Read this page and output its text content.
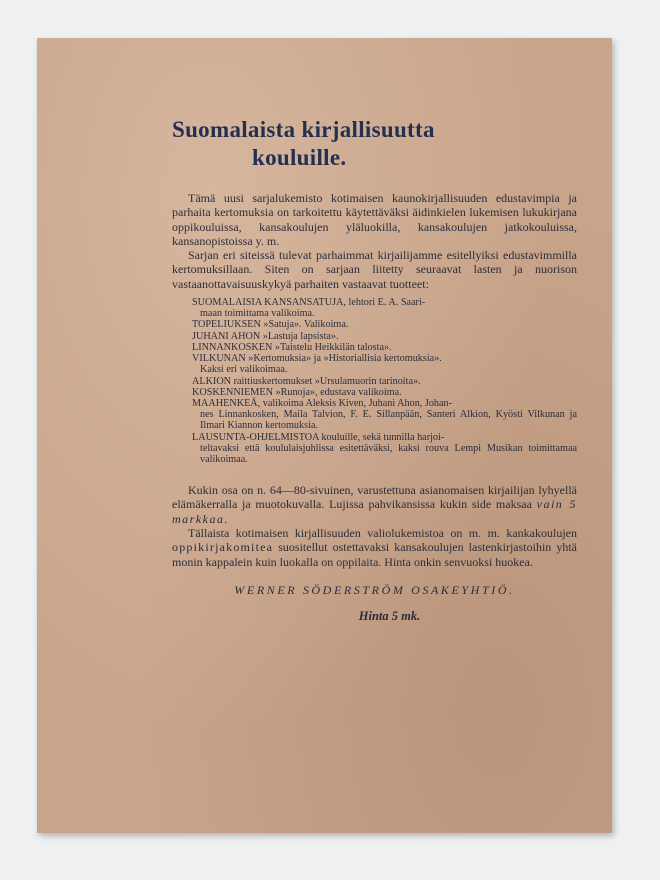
Suomalaista kirjallisuutta
kouluille.

Tämä uusi sarjalukemisto kotimaisen kaunokirjallisuuden edustavimpia ja parhaita kertomuksia on tarkoitettu käytettäväksi äidinkielen lukemisen lukukirjana oppikouluissa, kansakoulujen yläluokilla, kansakoulujen jatkokouluissa, kansanopistoissa y. m.

Sarjan eri siteissä tulevat parhaimmat kirjailijamme esitellyiksi edustavimmilla kertomuksillaan. Siten on sarjaan liitetty seuraavat lasten ja nuorison vastaanottavaisuuskykyä parhaiten vastaavat tuotteet:

SUOMALAISIA KANSANSATUJA, lehtori E. A. Saari-
maan toimittama valikoima.
TOPELIUKSEN »Satuja». Valikoima.
JUHANI AHON »Lastuja lapsista».
LINNANKOSKEN »Taistelu Heikkilän talosta».
VILKUNAN »Kertomuksia» ja »Historiallisia kertomuksia».
Kaksi eri valikoimaa.
ALKION raittiuskertomukset »Ursulamuorin tarinoita».
KOSKENNIEMEN »Runoja», edustava valikoima.
MAAHENKEÄ, valikoima Aleksis Kiven, Juhani Ahon, Johan-
nes Linnankosken, Maila Talvion, F. E. Sillanpään, Santeri Alkion, Kyösti Vilkunan ja Ilmari Kiannon kertomuksia.
LAUSUNTA-OHJELMISTOA kouluille, sekä tunnilla harjoi-
teltavaksi että koululaisjuhlissa esitettäväksi, kaksi rouva Lempi Musikan toimittamaa valikoimaa.

Kukin osa on n. 64—80-sivuinen, varustettuna asianomaisen kirjailijan lyhyellä elämäkerralla ja muotokuvalla. Lujissa pahvikansissa kukin side maksaa vain 5 markkaa.

Tällaista kotimaisen kirjallisuuden valiolukemistoa on m. m. kankakoulujen oppikirjakomitea suositellut ostettavaksi kansakoulujen lastenkirjastoihin yhtä monin kappalein kuin luokalla on oppilaita. Hinta onkin senvuoksi huokea.

WERNER SÖDERSTRÖM OSAKEYHTIÖ.
Hinta 5 mk.
